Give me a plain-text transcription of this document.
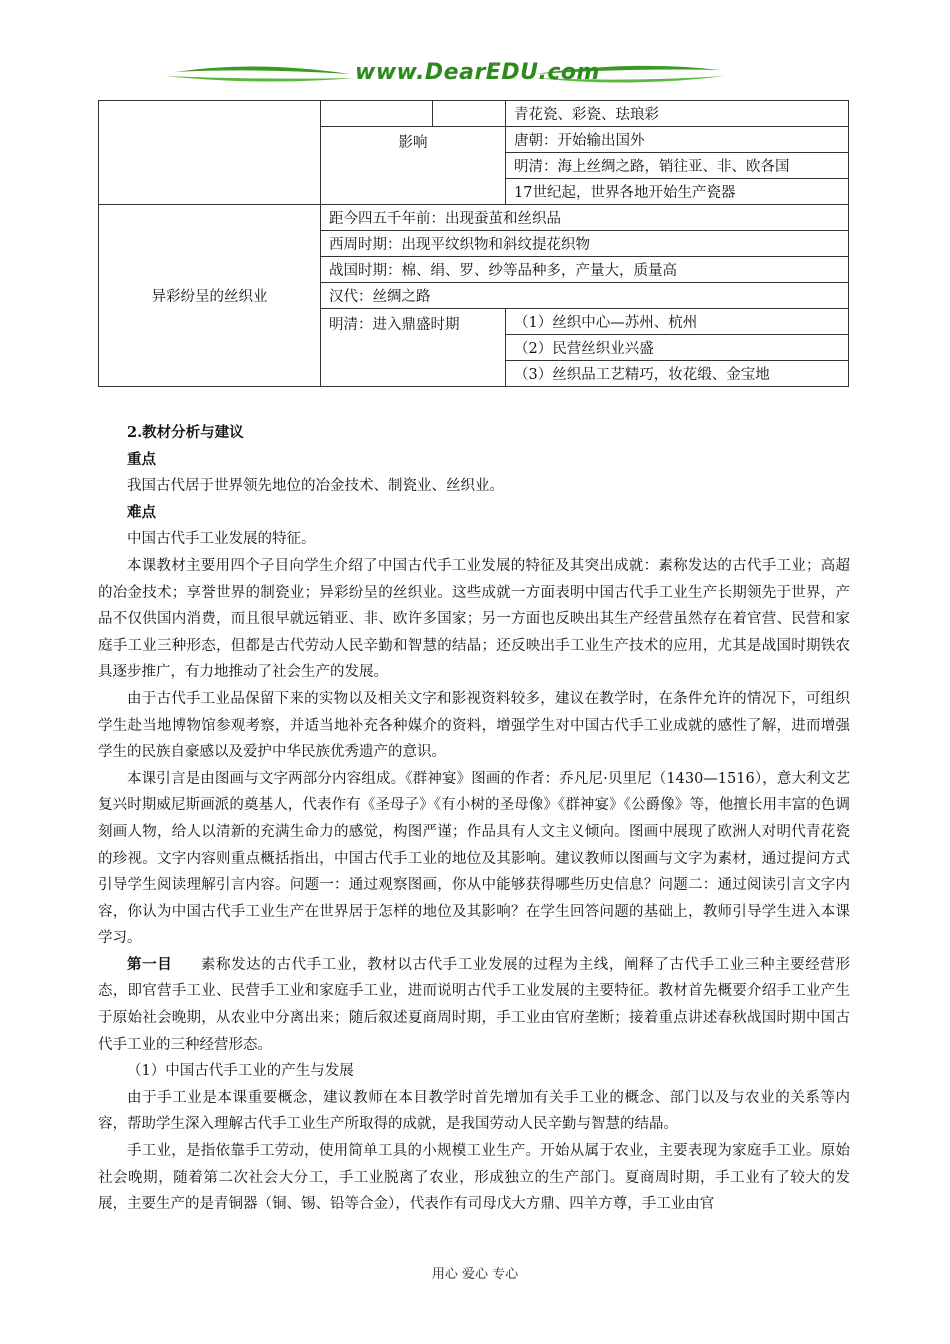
www.DearEDU.com
			青花瓷、彩瓷、珐琅彩
	影响		唐朝：开始输出国外
			明清：海上丝绸之路，销往亚、非、欧各国
			17世纪起，世界各地开始生产瓷器
异彩纷呈的丝织业	距今四五千年前：出现蚕茧和丝织品		
	西周时期：出现平纹织物和斜纹提花织物		
	战国时期：棉、绢、罗、纱等品种多，产量大，质量高		
	汉代：丝绸之路		
	明清：进入鼎盛时期		（1）丝织中心—苏州、杭州
			（2）民营丝织业兴盛
			（3）丝织品工艺精巧，妆花缎、金宝地

2.教材分析与建议

重点

我国古代居于世界领先地位的冶金技术、制瓷业、丝织业。

难点

中国古代手工业发展的特征。

本课教材主要用四个子目向学生介绍了中国古代手工业发展的特征及其突出成就：素称发达的古代手工业；高超的冶金技术；享誉世界的制瓷业；异彩纷呈的丝织业。这些成就一方面表明中国古代手工业生产长期领先于世界，产品不仅供国内消费，而且很早就远销亚、非、欧许多国家；另一方面也反映出其生产经营虽然存在着官营、民营和家庭手工业三种形态，但都是古代劳动人民辛勤和智慧的结晶；还反映出手工业生产技术的应用，尤其是战国时期铁农具逐步推广，有力地推动了社会生产的发展。

由于古代手工业品保留下来的实物以及相关文字和影视资料较多，建议在教学时，在条件允许的情况下，可组织学生赴当地博物馆参观考察，并适当地补充各种媒介的资料，增强学生对中国古代手工业成就的感性了解，进而增强学生的民族自豪感以及爱护中华民族优秀遗产的意识。

本课引言是由图画与文字两部分内容组成。《群神宴》图画的作者：乔凡尼·贝里尼（1430—1516），意大利文艺复兴时期威尼斯画派的奠基人，代表作有《圣母子》《有小树的圣母像》《群神宴》《公爵像》等，他擅长用丰富的色调刻画人物，给人以清新的充满生命力的感觉，构图严谨；作品具有人文主义倾向。图画中展现了欧洲人对明代青花瓷的珍视。文字内容则重点概括指出，中国古代手工业的地位及其影响。建议教师以图画与文字为素材，通过提问方式引导学生阅读理解引言内容。问题一：通过观察图画，你从中能够获得哪些历史信息？问题二：通过阅读引言文字内容，你认为中国古代手工业生产在世界居于怎样的地位及其影响？在学生回答问题的基础上，教师引导学生进入本课学习。

第一目 素称发达的古代手工业，教材以古代手工业发展的过程为主线，阐释了古代手工业三种主要经营形态，即官营手工业、民营手工业和家庭手工业，进而说明古代手工业发展的主要特征。教材首先概要介绍手工业产生于原始社会晚期，从农业中分离出来；随后叙述夏商周时期，手工业由官府垄断；接着重点讲述春秋战国时期中国古代手工业的三种经营形态。

（1）中国古代手工业的产生与发展

由于手工业是本课重要概念，建议教师在本目教学时首先增加有关手工业的概念、部门以及与农业的关系等内容，帮助学生深入理解古代手工业生产所取得的成就，是我国劳动人民辛勤与智慧的结晶。

手工业，是指依靠手工劳动，使用简单工具的小规模工业生产。开始从属于农业，主要表现为家庭手工业。原始社会晚期，随着第二次社会大分工，手工业脱离了农业，形成独立的生产部门。夏商周时期，手工业有了较大的发展，主要生产的是青铜器（铜、锡、铅等合金），代表作有司母戊大方鼎、四羊方尊，手工业由官

用心 爱心 专心
